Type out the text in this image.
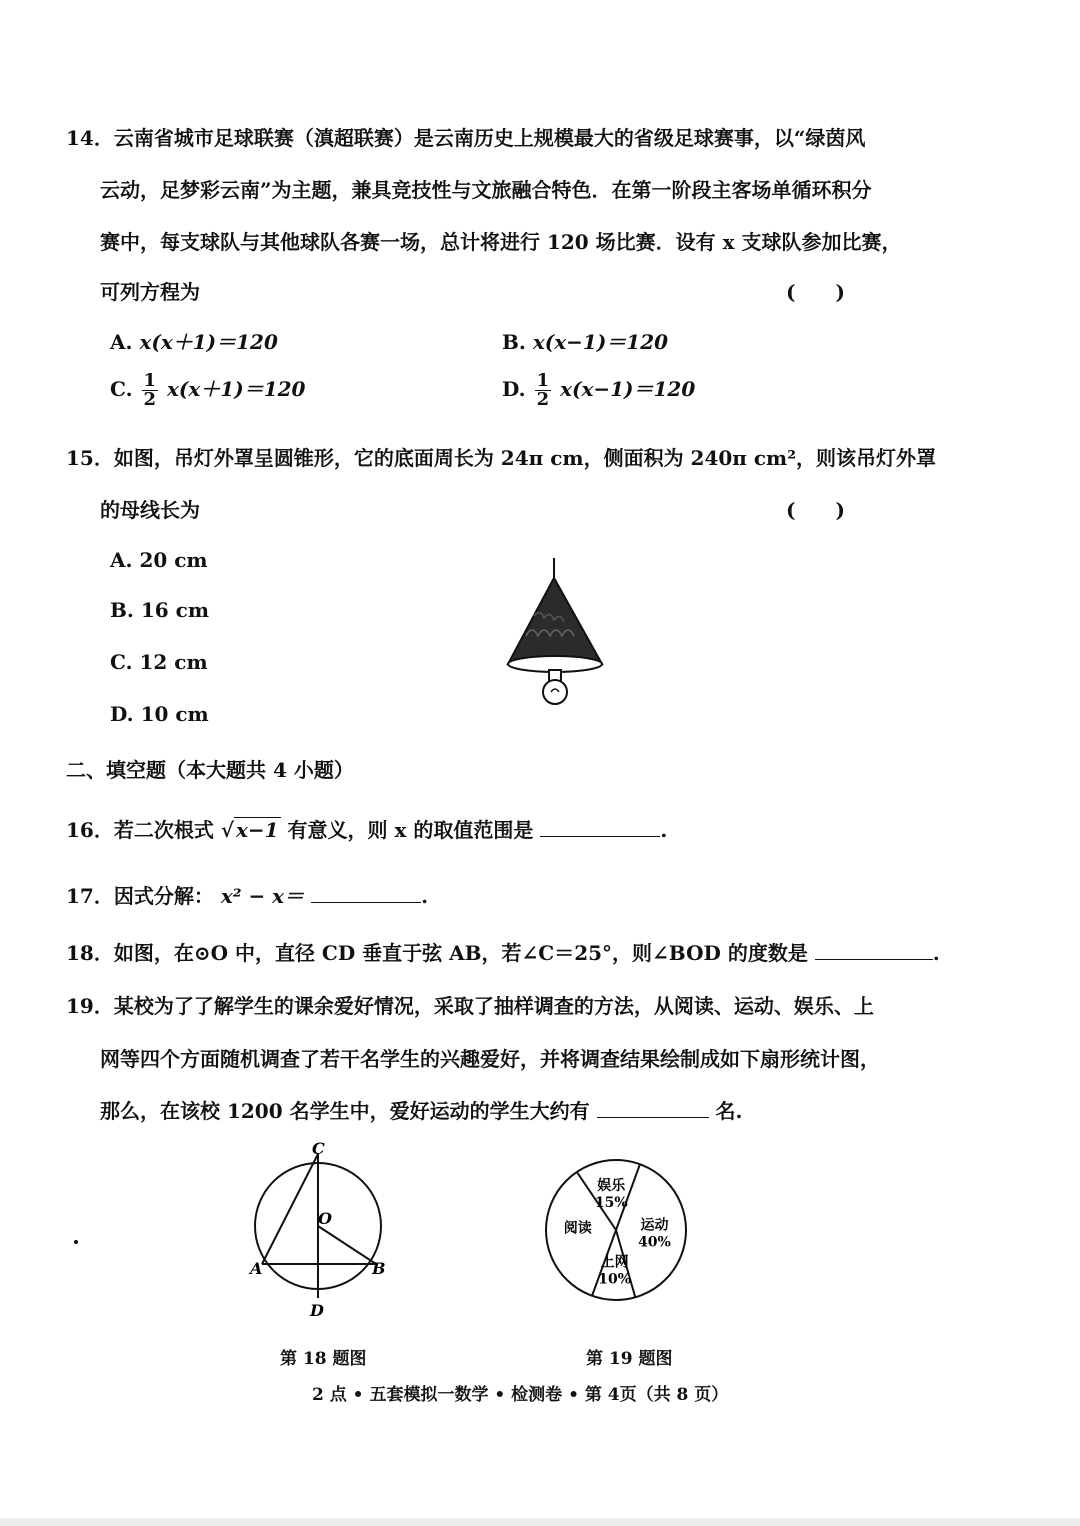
14．云南省城市足球联赛（滇超联赛）是云南历史上规模最大的省级足球赛事，以“绿茵风
云动，足梦彩云南”为主题，兼具竞技性与文旅融合特色．在第一阶段主客场单循环积分
赛中，每支球队与其他球队各赛一场，总计将进行 120 场比赛．设有 x 支球队参加比赛，
可列方程为	(　　)
A. x(x＋1)＝120	B. x(x−1)＝120
C. $\frac{1}{2} x(x+1)=120$	D. $\frac{1}{2} x(x-1)=120$
15．如图，吊灯外罩呈圆锥形，它的底面周长为 24π cm，侧面积为 240π cm²，则该吊灯外罩
的母线长为	(　　)
A. 20 cm
B. 16 cm
C. 12 cm
D. 10 cm
二、填空题（本大题共 4 小题）
16．若二次根式 √ x−1 有意义，则 x 的取值范围是	.
17．因式分解： x² − x＝	.
18．如图，在⊙O 中，直径 CD 垂直于弦 AB，若∠C＝25°，则∠BOD 的度数是	.
19．某校为了了解学生的课余爱好情况，采取了抽样调查的方法，从阅读、运动、娱乐、上
网等四个方面随机调查了若干名学生的兴趣爱好，并将调查结果绘制成如下扇形统计图，
那么，在该校 1200 名学生中，爱好运动的学生大约有	名.
C
O
A	B
D
第 18 题图
娱乐
15%
阅读
上网
10%
运动
40%
第 19 题图
2 点 • 五套模拟一数学 • 检测卷 • 第 4页（共 8 页）
